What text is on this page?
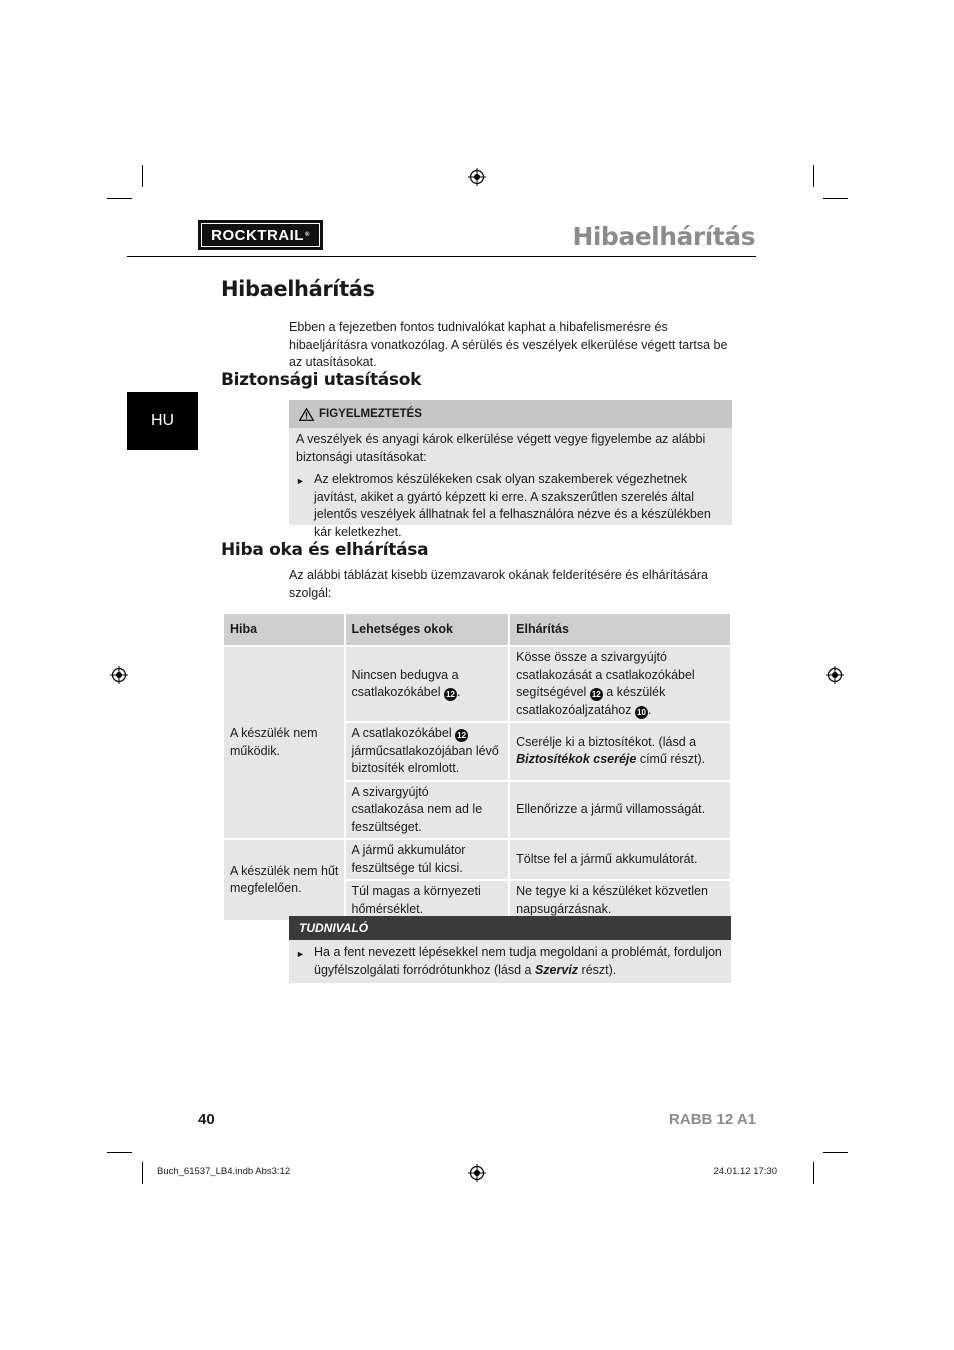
ROCKTRAIL ®	Hibaelhárítás
HU
Hibaelhárítás
Ebben a fejezetben fontos tudnivalókat kaphat a hibafelismerésre és hibaeljárításra vonatkozólag. A sérülés és veszélyek elkerülése végett tartsa be az utasításokat.
Biztonsági utasítások
FIGYELMEZTETÉS
A veszélyek és anyagi károk elkerülése végett vegye figyelembe az alábbi biztonsági utasításokat:
► Az elektromos készülékeken csak olyan szakemberek végezhetnek javítást, akiket a gyártó képzett ki erre. A szakszerűtlen szerelés által jelentős veszélyek állhatnak fel a felhasználóra nézve és a készülékben kár keletkezhet.
Hiba oka és elhárítása
Az alábbi táblázat kisebb üzemzavarok okának felderítésére és elhárítására szolgál:
Hiba	Lehetséges okok	Elhárítás
A készülék nem működik.	Nincsen bedugva a csatlakozókábel 12 .	Kösse össze a szivargyújtó csatlakozását a csatlakozókábel segítségével 12 a készülék csatlakozóaljzatához 10 .
	A csatlakozókábel 12 járműcsatlakozójában lévő biztosíték elromlott.	Cserélje ki a biztosítékot. (lásd a Biztosítékok cseréje című részt).
	A szivargyújtó csatlakozása nem ad le feszültséget.	Ellenőrizze a jármű villamosságát.
A készülék nem hűt megfelelően.	A jármű akkumulátor feszültsége túl kicsi.	Töltse fel a jármű akkumulátorát.
	Túl magas a környezeti hőmérséklet.	Ne tegye ki a készüléket közvetlen napsugárzásnak.
TUDNIVALÓ
► Ha a fent nevezett lépésekkel nem tudja megoldani a problémát, forduljon ügyfélszolgálati forródrótunkhoz (lásd a Szerviz részt).
40	RABB 12 A1
Buch_61537_LB4.indb Abs3:12	24.01.12 17:30
